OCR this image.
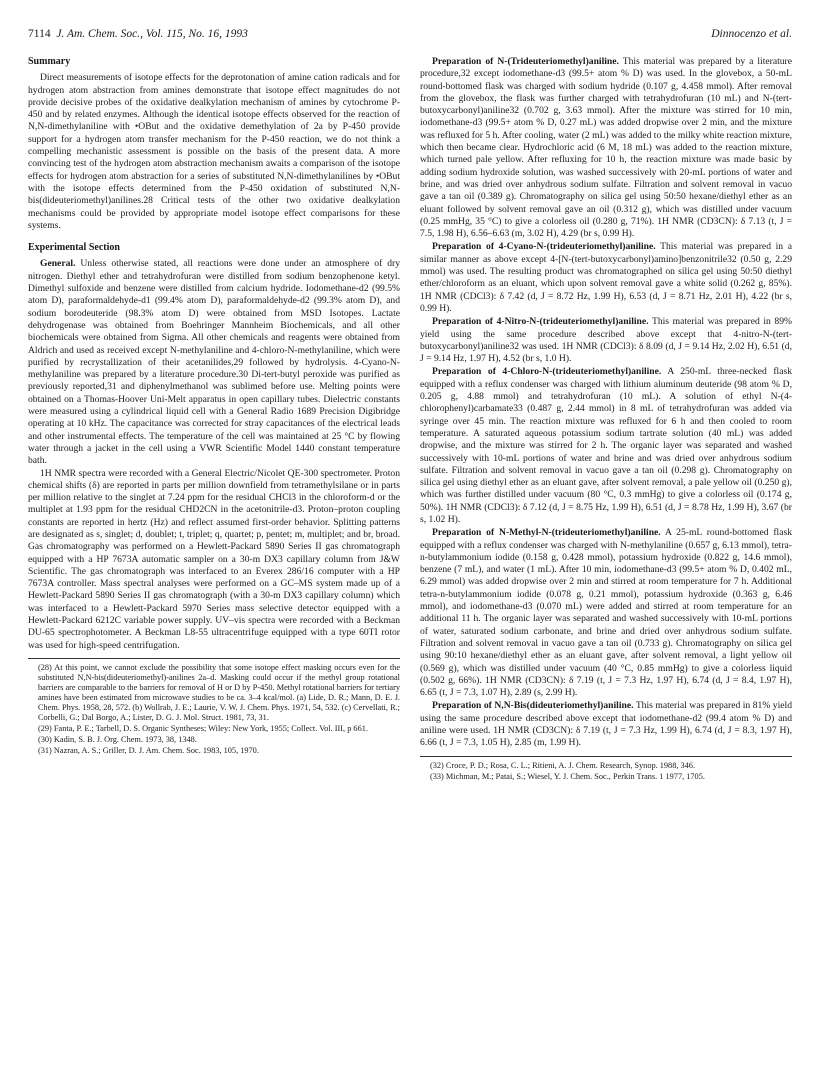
7114 J. Am. Chem. Soc., Vol. 115, No. 16, 1993	Dinnocenzo et al.
Summary

Direct measurements of isotope effects for the deprotonation of amine cation radicals and for hydrogen atom abstraction from amines demonstrate that isotope effect magnitudes do not provide decisive probes of the oxidative dealkylation mechanism of amines by cytochrome P-450 and by related enzymes. Although the identical isotope effects observed for the reaction of N,N-dimethylaniline with •OBut and the oxidative demethylation of 2a by P-450 provide support for a hydrogen atom transfer mechanism for the P-450 reaction, we do not think a compelling mechanistic assessment is possible on the basis of the present data. A more convincing test of the hydrogen atom abstraction mechanism awaits a comparison of the isotope effects for hydrogen atom abstraction for a series of substituted N,N-dimethylanilines by •OBut with the isotope effects determined from the P-450 oxidation of substituted N,N-bis(dideuteriomethyl)anilines.28 Critical tests of the other two oxidative dealkylation mechanisms could be provided by appropriate model isotope effect comparisons for these systems.

Experimental Section

General. Unless otherwise stated, all reactions were done under an atmosphere of dry nitrogen. Diethyl ether and tetrahydrofuran were distilled from sodium benzophenone ketyl. Dimethyl sulfoxide and benzene were distilled from calcium hydride. Iodomethane-d2 (99.5% atom D), paraformaldehyde-d1 (99.4% atom D), paraformaldehyde-d2 (99.3% atom D), and sodium borodeuteride (98.3% atom D) were obtained from MSD Isotopes. Lactate dehydrogenase was obtained from Boehringer Mannheim Biochemicals, and all other biochemicals were obtained from Sigma. All other chemicals and reagents were obtained from Aldrich and used as received except N-methylaniline and 4-chloro-N-methylaniline, which were purified by recrystallization of their acetanilides,29 followed by hydrolysis. 4-Cyano-N-methylaniline was prepared by a literature procedure.30 Di-tert-butyl peroxide was purified as previously reported,31 and diphenylmethanol was sublimed before use. Melting points were obtained on a Thomas-Hoover Uni-Melt apparatus in open capillary tubes. Dielectric constants were measured using a cylindrical liquid cell with a General Radio 1689 Precision Digibridge operating at 10 kHz. The capacitance was corrected for stray capacitances of the electrical leads and other instrumental effects. The temperature of the cell was maintained at 25 °C by flowing water through a jacket in the cell using a VWR Scientific Model 1440 constant temperature bath.

1H NMR spectra were recorded with a General Electric/Nicolet QE-300 spectrometer. Proton chemical shifts (δ) are reported in parts per million downfield from tetramethylsilane or in parts per million relative to the singlet at 7.24 ppm for the residual CHCl3 in the chloroform-d or the multiplet at 1.93 ppm for the residual CHD2CN in the acetonitrile-d3. Proton–proton coupling constants are reported in hertz (Hz) and reflect assumed first-order behavior. Splitting patterns are designated as s, singlet; d, doublet; t, triplet; q, quartet; p, pentet; m, multiplet; and br, broad. Gas chromatography was performed on a Hewlett-Packard 5890 Series II gas chromatograph equipped with a HP 7673A automatic sampler on a 30-m DX3 capillary column from J&W Scientific. The gas chromatograph was interfaced to an Everex 286/16 computer with a HP 7673A controller. Mass spectral analyses were performed on a GC–MS system made up of a Hewlett-Packard 5890 Series II gas chromatograph (with a 30-m DX3 capillary column) which was interfaced to a Hewlett-Packard 5970 Series mass selective detector equipped with a Hewlett-Packard 6212C variable power supply. UV–vis spectra were recorded with a Beckman DU-65 spectrophotometer. A Beckman L8-55 ultracentrifuge equipped with a type 60TI rotor was used for high-speed centrifugation.

(28) At this point, we cannot exclude the possibility that some isotope effect masking occurs even for the substituted N,N-bis(dideuteriomethyl)-anilines 2a–d. Masking could occur if the methyl group rotational barriers are comparable to the barriers for removal of H or D by P-450. Methyl rotational barriers for tertiary amines have been estimated from microwave studies to be ca. 3–4 kcal/mol. (a) Lide, D. R.; Mann, D. E. J. Chem. Phys. 1958, 28, 572. (b) Wollrab, J. E.; Laurie, V. W. J. Chem. Phys. 1971, 54, 532. (c) Cervellati, R.; Corbelli, G.; Dal Borgo, A.; Lister, D. G. J. Mol. Struct. 1981, 73, 31.

(29) Fanta, P. E.; Tarbell, D. S. Organic Syntheses; Wiley: New York, 1955; Collect. Vol. III, p 661.

(30) Kadin, S. B. J. Org. Chem. 1973, 38, 1348.

(31) Nazran, A. S.; Griller, D. J. Am. Chem. Soc. 1983, 105, 1970.

Preparation of N-(Trideuteriomethyl)aniline. This material was prepared by a literature procedure,32 except iodomethane-d3 (99.5+ atom % D) was used. In the glovebox, a 50-mL round-bottomed flask was charged with sodium hydride (0.107 g, 4.458 mmol). After removal from the glovebox, the flask was further charged with tetrahydrofuran (10 mL) and N-(tert-butoxycarbonyl)aniline32 (0.702 g, 3.63 mmol). After the mixture was stirred for 10 min, iodomethane-d3 (99.5+ atom % D, 0.27 mL) was added dropwise over 2 min, and the mixture was refluxed for 5 h. After cooling, water (2 mL) was added to the milky white reaction mixture, which then became clear. Hydrochloric acid (6 M, 18 mL) was added to the reaction mixture, which turned pale yellow. After refluxing for 10 h, the reaction mixture was made basic by adding sodium hydroxide solution, was washed successively with 20-mL portions of water and brine, and was dried over anhydrous sodium sulfate. Filtration and solvent removal in vacuo gave a tan oil (0.389 g). Chromatography on silica gel using 50:50 hexane/diethyl ether as an eluant followed by solvent removal gave an oil (0.312 g), which was distilled under vacuum (0.25 mmHg, 35 °C) to give a colorless oil (0.280 g, 71%). 1H NMR (CD3CN): δ 7.13 (t, J = 7.5, 1.98 H), 6.56–6.63 (m, 3.02 H), 4.29 (br s, 0.99 H).

Preparation of 4-Cyano-N-(trideuteriomethyl)aniline. This material was prepared in a similar manner as above except 4-[N-(tert-butoxycarbonyl)amino]benzonitrile32 (0.50 g, 2.29 mmol) was used. The resulting product was chromatographed on silica gel using 50:50 diethyl ether/chloroform as an eluant, which upon solvent removal gave a white solid (0.262 g, 85%). 1H NMR (CDCl3): δ 7.42 (d, J = 8.72 Hz, 1.99 H), 6.53 (d, J = 8.71 Hz, 2.01 H), 4.22 (br s, 0.99 H).

Preparation of 4-Nitro-N-(trideuteriomethyl)aniline. This material was prepared in 89% yield using the same procedure described above except that 4-nitro-N-(tert-butoxycarbonyl)aniline32 was used. 1H NMR (CDCl3): δ 8.09 (d, J = 9.14 Hz, 2.02 H), 6.51 (d, J = 9.14 Hz, 1.97 H), 4.52 (br s, 1.0 H).

Preparation of 4-Chloro-N-(trideuteriomethyl)aniline. A 250-mL three-necked flask equipped with a reflux condenser was charged with lithium aluminum deuteride (98 atom % D, 0.205 g, 4.88 mmol) and tetrahydrofuran (10 mL). A solution of ethyl N-(4-chlorophenyl)carbamate33 (0.487 g, 2.44 mmol) in 8 mL of tetrahydrofuran was added via syringe over 45 min. The reaction mixture was refluxed for 6 h and then cooled to room temperature. A saturated aqueous potassium sodium tartrate solution (40 mL) was added dropwise, and the mixture was stirred for 2 h. The organic layer was separated and washed successively with 10-mL portions of water and brine and was dried over anhydrous sodium sulfate. Filtration and solvent removal in vacuo gave a tan oil (0.298 g). Chromatography on silica gel using diethyl ether as an eluant gave, after solvent removal, a pale yellow oil (0.250 g), which was further distilled under vacuum (80 °C, 0.3 mmHg) to give a colorless oil (0.174 g, 50%). 1H NMR (CDCl3): δ 7.12 (d, J = 8.75 Hz, 1.99 H), 6.51 (d, J = 8.78 Hz, 1.99 H), 3.67 (br s, 1.02 H).

Preparation of N-Methyl-N-(trideuteriomethyl)aniline. A 25-mL round-bottomed flask equipped with a reflux condenser was charged with N-methylaniline (0.657 g, 6.13 mmol), tetra-n-butylammonium iodide (0.158 g, 0.428 mmol), potassium hydroxide (0.822 g, 14.6 mmol), benzene (7 mL), and water (1 mL). After 10 min, iodomethane-d3 (99.5+ atom % D, 0.402 mL, 6.29 mmol) was added dropwise over 2 min and stirred at room temperature for 7 h. Additional tetra-n-butylammonium iodide (0.078 g, 0.21 mmol), potassium hydroxide (0.363 g, 6.46 mmol), and iodomethane-d3 (0.070 mL) were added and stirred at room temperature for an additional 11 h. The organic layer was separated and washed successively with 10-mL portions of water, saturated sodium carbonate, and brine and dried over anhydrous sodium sulfate. Filtration and solvent removal in vacuo gave a tan oil (0.733 g). Chromatography on silica gel using 90:10 hexane/diethyl ether as an eluant gave, after solvent removal, a light yellow oil (0.569 g), which was distilled under vacuum (40 °C, 0.85 mmHg) to give a colorless liquid (0.502 g, 66%). 1H NMR (CD3CN): δ 7.19 (t, J = 7.3 Hz, 1.97 H), 6.74 (d, J = 8.4, 1.97 H), 6.65 (t, J = 7.3, 1.07 H), 2.89 (s, 2.99 H).

Preparation of N,N-Bis(dideuteriomethyl)aniline. This material was prepared in 81% yield using the same procedure described above except that iodomethane-d2 (99.4 atom % D) and aniline were used. 1H NMR (CD3CN): δ 7.19 (t, J = 7.3 Hz, 1.99 H), 6.74 (d, J = 8.3, 1.97 H), 6.66 (t, J = 7.3, 1.05 H), 2.85 (m, 1.99 H).

(32) Croce, P. D.; Rosa, C. L.; Ritieni, A. J. Chem. Research, Synop. 1988, 346.

(33) Michman, M.; Patai, S.; Wiesel, Y. J. Chem. Soc., Perkin Trans. 1 1977, 1705.
